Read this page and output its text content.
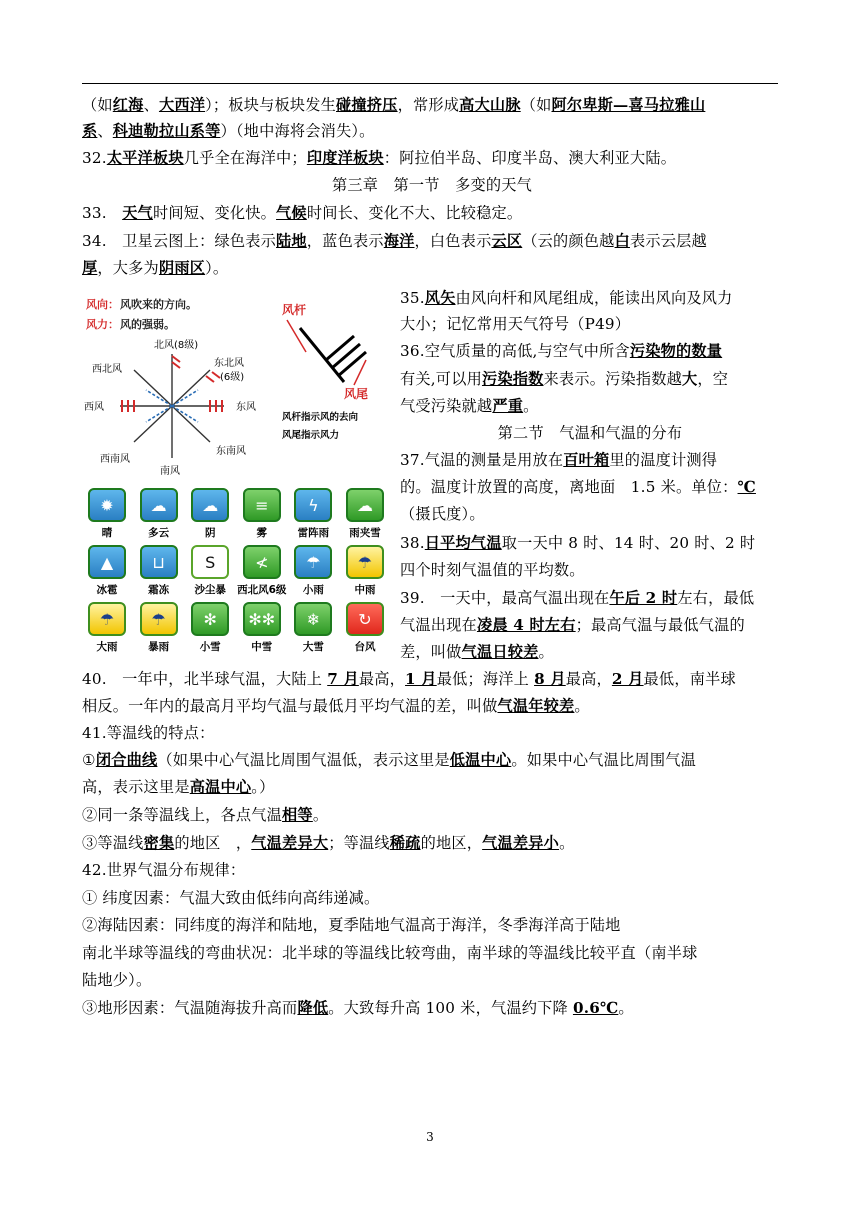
（如红海、大西洋）；板块与板块发生碰撞挤压，常形成高大山脉（如阿尔卑斯—喜马拉雅山
系、科迪勒拉山系等）（地中海将会消失）。
32.太平洋板块几乎全在海洋中；印度洋板块：阿拉伯半岛、印度半岛、澳大利亚大陆。
第三章　第一节　多变的天气
33.　天气时间短、变化快。气候时间长、变化不大、比较稳定。
34.　卫星云图上：绿色表示陆地，蓝色表示海洋，白色表示云区（云的颜色越白表示云层越
厚，大多为阴雨区）。
风向： 风吹来的方向。
风力： 风的强弱。
北风(8级)
西北风
东北风
(6级)
西风	东风
西南风
东南风
南风
风杆
风尾
风杆指示风的去向
风尾指示风力
✹
晴
☁
多云
☁
阴
≡
雾
ϟ
雷阵雨
☁
雨夹雪
▲
冰雹
⊔
霜冻
S
沙尘暴
≮
西北风6级
☂
小雨
☂
中雨
☂
大雨
☂
暴雨
✻
小雪
✻✻
中雪
❄
大雪
↻
台风
35.风矢由风向杆和风尾组成，能读出风向及风力
大小；记忆常用天气符号（P49）
36.空气质量的高低,与空气中所含污染物的数量
有关,可以用污染指数来表示。污染指数越大，空
气受污染就越严重。
第二节　气温和气温的分布
37.气温的测量是用放在百叶箱里的温度计测得
的。温度计放置的高度，离地面　1.5 米。单位：℃
（摄氏度）。
38.日平均气温取一天中 8 时、14 时、20 时、2 时
四个时刻气温值的平均数。
39.　一天中，最高气温出现在午后 2 时左右，最低
气温出现在凌晨 4 时左右；最高气温与最低气温的
差，叫做气温日较差。
40.　一年中，北半球气温，大陆上 7 月最高，1 月最低；海洋上 8 月最高，2 月最低，南半球
相反。一年内的最高月平均气温与最低月平均气温的差，叫做气温年较差。
41.等温线的特点：
①闭合曲线（如果中心气温比周围气温低，表示这里是低温中心。如果中心气温比周围气温
高，表示这里是高温中心。）
②同一条等温线上，各点气温相等。
③等温线密集的地区　，气温差异大；等温线稀疏的地区，气温差异小。
42.世界气温分布规律：
① 纬度因素：气温大致由低纬向高纬递减。
②海陆因素：同纬度的海洋和陆地，夏季陆地气温高于海洋，冬季海洋高于陆地
南北半球等温线的弯曲状况：北半球的等温线比较弯曲，南半球的等温线比较平直（南半球
陆地少）。
③地形因素：气温随海拔升高而降低。大致每升高 100 米，气温约下降 0.6℃。
3
